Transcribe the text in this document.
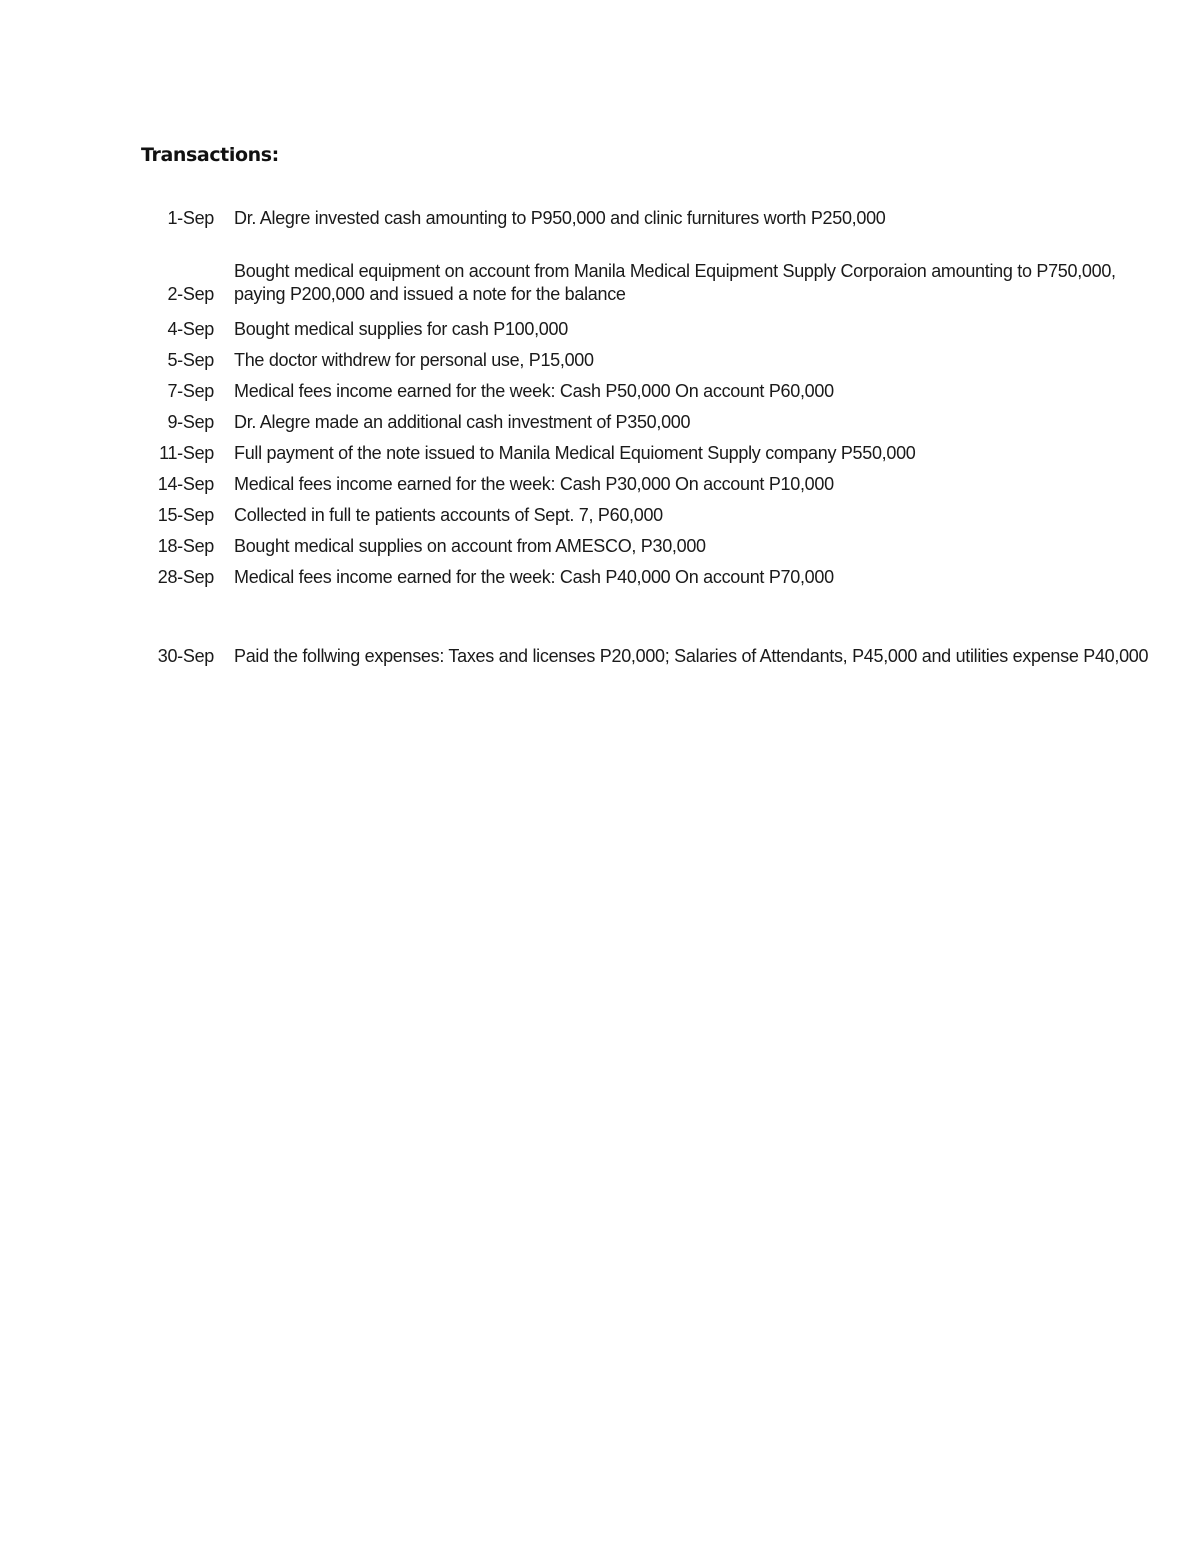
Transactions:
1-Sep Dr. Alegre invested cash amounting to P950,000 and clinic furnitures worth P250,000
2-Sep
Bought medical equipment on account from Manila Medical Equipment Supply Corporaion amounting to P750,000, paying P200,000 and issued a note for the balance
4-Sep Bought medical supplies for cash P100,000
5-Sep The doctor withdrew for personal use, P15,000
7-Sep Medical fees income earned for the week: Cash P50,000 On account P60,000
9-Sep Dr. Alegre made an additional cash investment of P350,000
11-Sep Full payment of the note issued to Manila Medical Equioment Supply company P550,000
14-Sep Medical fees income earned for the week: Cash P30,000 On account P10,000
15-Sep Collected in full te patients accounts of Sept. 7, P60,000
18-Sep Bought medical supplies on account from AMESCO, P30,000
28-Sep Medical fees income earned for the week: Cash P40,000 On account P70,000
30-Sep Paid the follwing expenses: Taxes and licenses P20,000; Salaries of Attendants, P45,000 and utilities expense P40,000
